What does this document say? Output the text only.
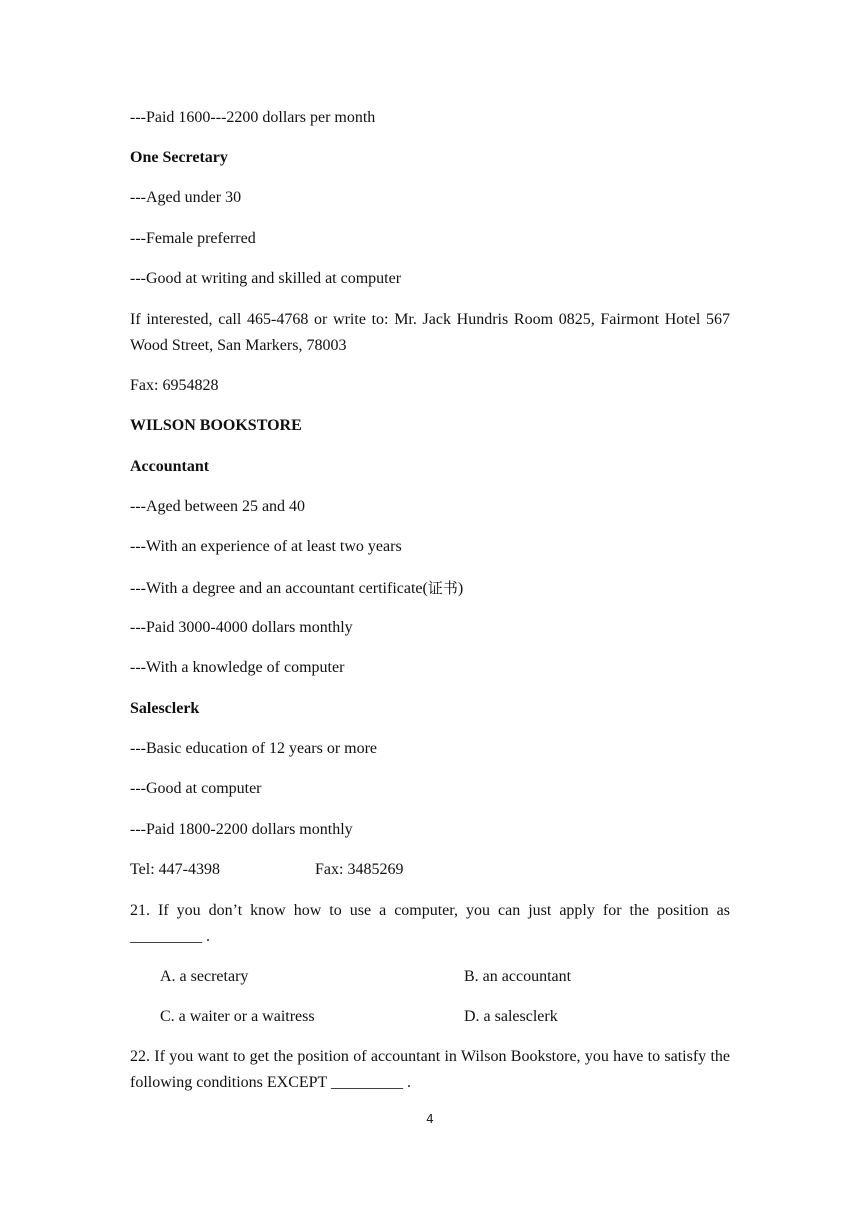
---Paid 1600---2200 dollars per month
One Secretary
---Aged under 30
---Female preferred
---Good at writing and skilled at computer
If interested, call 465-4768 or write to: Mr. Jack Hundris Room 0825, Fairmont Hotel 567 Wood Street, San Markers, 78003
Fax: 6954828
WILSON BOOKSTORE
Accountant
---Aged between 25 and 40
---With an experience of at least two years
---With a degree and an accountant certificate(证书)
---Paid 3000-4000 dollars monthly
---With a knowledge of computer
Salesclerk
---Basic education of 12 years or more
---Good at computer
---Paid 1800-2200 dollars monthly
Tel: 447-4398	Fax: 3485269
21. If you don’t know how to use a computer, you can just apply for the position as _________ .
A. a secretary	B. an accountant
C. a waiter or a waitress	D. a salesclerk
22. If you want to get the position of accountant in Wilson Bookstore, you have to satisfy the following conditions EXCEPT _________ .
4
